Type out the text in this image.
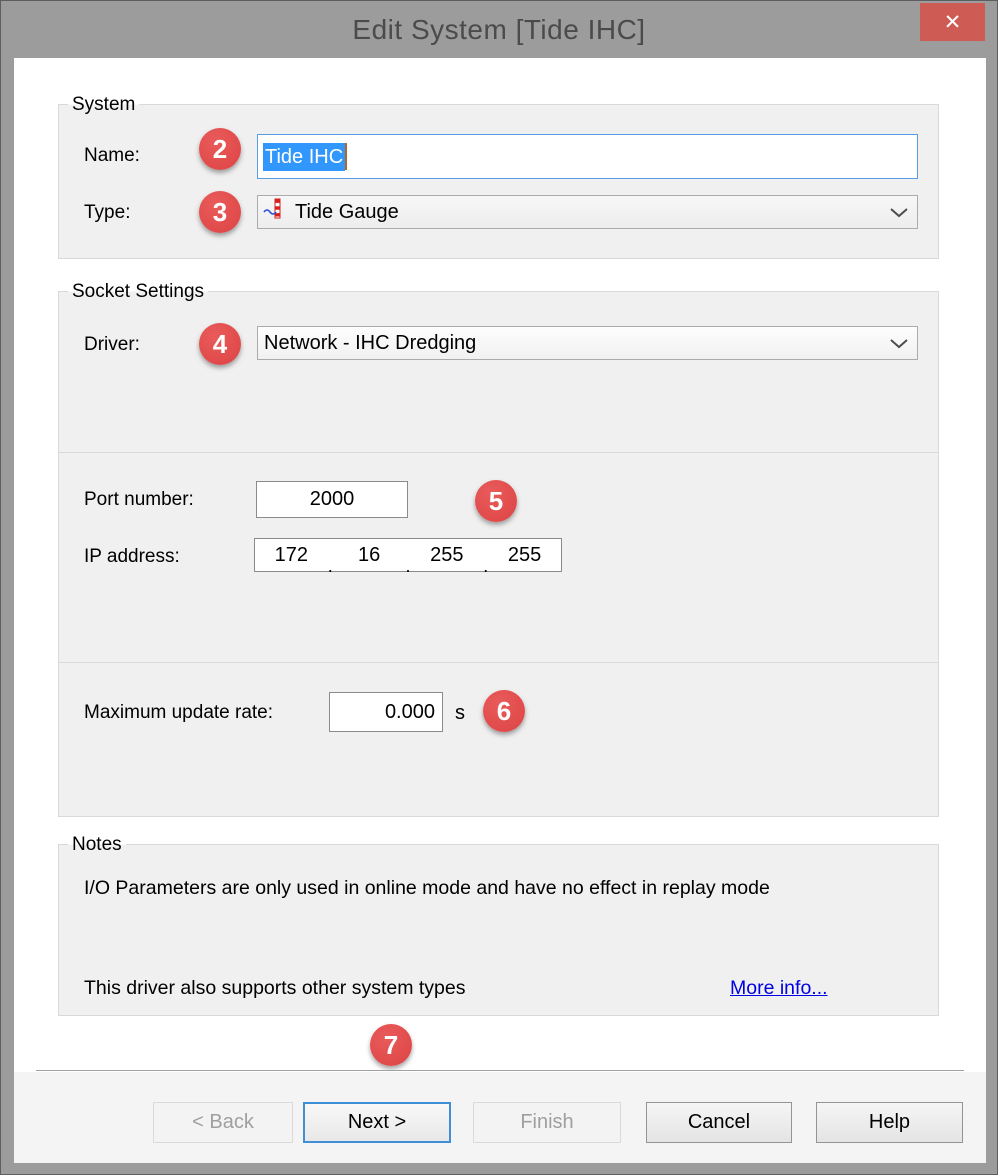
Edit System [Tide IHC]	✕
System
Name:	Tide IHC
Type:	Tide Gauge
2
3
Socket Settings
Driver:	Network - IHC Dredging
4
Port number:	2000	5
IP address:	172
.
16
.
255
.
255
Maximum update rate:	0.000 s	6
Notes
I/O Parameters are only used in online mode and have no effect in replay mode
This driver also supports other system types	More info...
7
< Back	Next >	Finish	Cancel	Help
